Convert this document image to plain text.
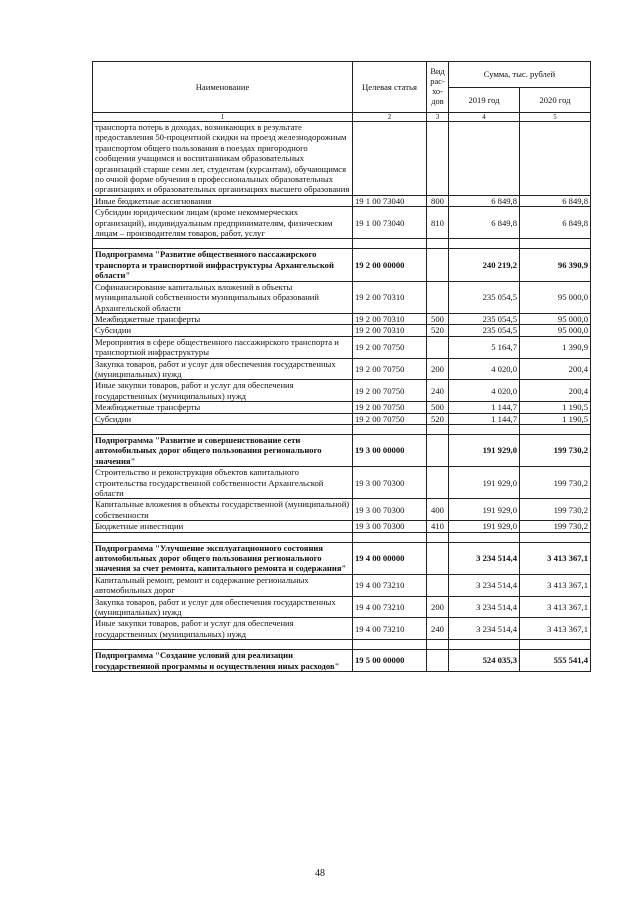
Наименование	Целевая статья	Вид рас-хо-дов	Сумма, тыс. рублей	
			2019 год	2020 год
1	2	3	4	5
транспорта потерь в доходах, возникающих в результате предоставления 50-процентной скидки на проезд железнодорожным транспортом общего пользования в поездах пригородного сообщения учащимся и воспитанникам образовательных организаций старше семи лет, студентам (курсантам), обучающимся по очной форме обучения в профессиональных образовательных организациях и образовательных организациях высшего образования				
Иные бюджетные ассигнования	19 1 00 73040	800	6 849,8	6 849,8
Субсидии юридическим лицам (кроме некоммерческих организаций), индивидуальным предпринимателям, физическим лицам – производителям товаров, работ, услуг	19 1 00 73040	810	6 849,8	6 849,8

Подпрограмма "Развитие общественного пассажирского транспорта и транспортной инфраструктуры Архангельской области"	19 2 00 00000		240 219,2	96 390,9
Софинансирование капитальных вложений в объекты муниципальной собственности муниципальных образований Архангельской области	19 2 00 70310		235 054,5	95 000,0
Межбюджетные трансферты	19 2 00 70310	500	235 054,5	95 000,0
Субсидии	19 2 00 70310	520	235 054,5	95 000,0
Мероприятия в сфере общественного пассажирского транспорта и транспортной инфраструктуры	19 2 00 70750		5 164,7	1 390,9
Закупка товаров, работ и услуг для обеспечения государственных (муниципальных) нужд	19 2 00 70750	200	4 020,0	200,4
Иные закупки товаров, работ и услуг для обеспечения государственных (муниципальных) нужд	19 2 00 70750	240	4 020,0	200,4
Межбюджетные трансферты	19 2 00 70750	500	1 144,7	1 190,5
Субсидии	19 2 00 70750	520	1 144,7	1 190,5

Подпрограмма "Развитие и совершенствование сети автомобильных дорог общего пользования регионального значения"	19 3 00 00000		191 929,0	199 730,2
Строительство и реконструкция объектов капитального строительства государственной собственности Архангельской области	19 3 00 70300		191 929,0	199 730,2
Капитальные вложения в объекты государственной (муниципальной) собственности	19 3 00 70300	400	191 929,0	199 730,2
Бюджетные инвестиции	19 3 00 70300	410	191 929,0	199 730,2

Подпрограмма "Улучшение эксплуатационного состояния автомобильных дорог общего пользования регионального значения за счет ремонта, капитального ремонта и содержания"	19 4 00 00000		3 234 514,4	3 413 367,1
Капитальный ремонт, ремонт и содержание региональных автомобильных дорог	19 4 00 73210		3 234 514,4	3 413 367,1
Закупка товаров, работ и услуг для обеспечения государственных (муниципальных) нужд	19 4 00 73210	200	3 234 514,4	3 413 367,1
Иные закупки товаров, работ и услуг для обеспечения государственных (муниципальных) нужд	19 4 00 73210	240	3 234 514,4	3 413 367,1

Подпрограмма "Создание условий для реализации государственной программы и осуществления иных расходов"	19 5 00 00000		524 035,3	555 541,4
48
